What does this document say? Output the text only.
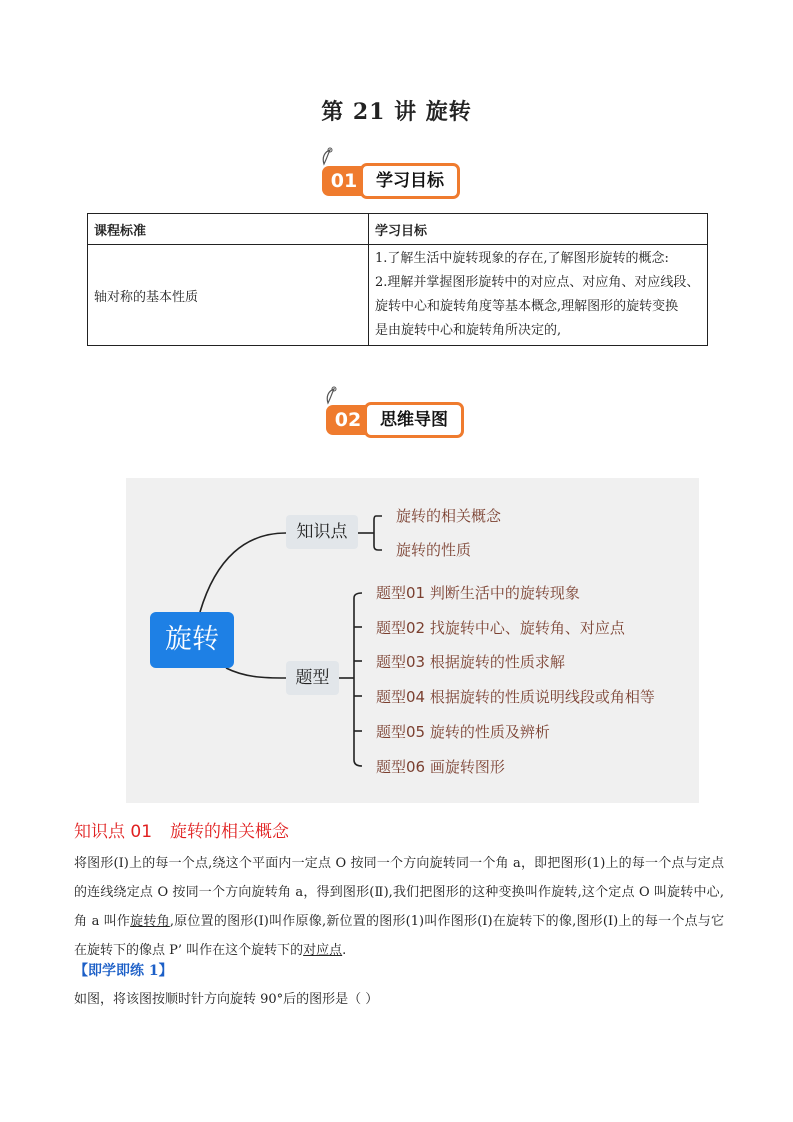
第 21 讲 旋转
01	学习目标
课程标准	学习目标
轴对称的基本性质	1.了解生活中旋转现象的存在,了解图形旋转的概念:
2.理解并掌握图形旋转中的对应点、对应角、对应线段、
旋转中心和旋转角度等基本概念,理解图形的旋转变换
是由旋转中心和旋转角所决定的,
02	思维导图
旋转
知识点
题型
旋转的相关概念
旋转的性质
题型01 判断生活中的旋转现象
题型02 找旋转中心、旋转角、对应点
题型03 根据旋转的性质求解
题型04 根据旋转的性质说明线段或角相等
题型05 旋转的性质及辨析
题型06 画旋转图形
知识点 01 旋转的相关概念
将图形(I)上的每一个点,绕这个平面内一定点 O 按同一个方向旋转同一个角 a，即把图形(1)上的每一个点与定点的连线绕定点 O 按同一个方向旋转角 a，得到图形(Ⅱ),我们把图形的这种变换叫作旋转,这个定点 O 叫旋转中心,角 a 叫作旋转角,原位置的图形(I)叫作原像,新位置的图形(1)叫作图形(I)在旋转下的像,图形(I)上的每一个点与它在旋转下的像点 P’ 叫作在这个旋转下的对应点.
【即学即练 1】
如图，将该图按顺时针方向旋转 90°后的图形是（ ）
